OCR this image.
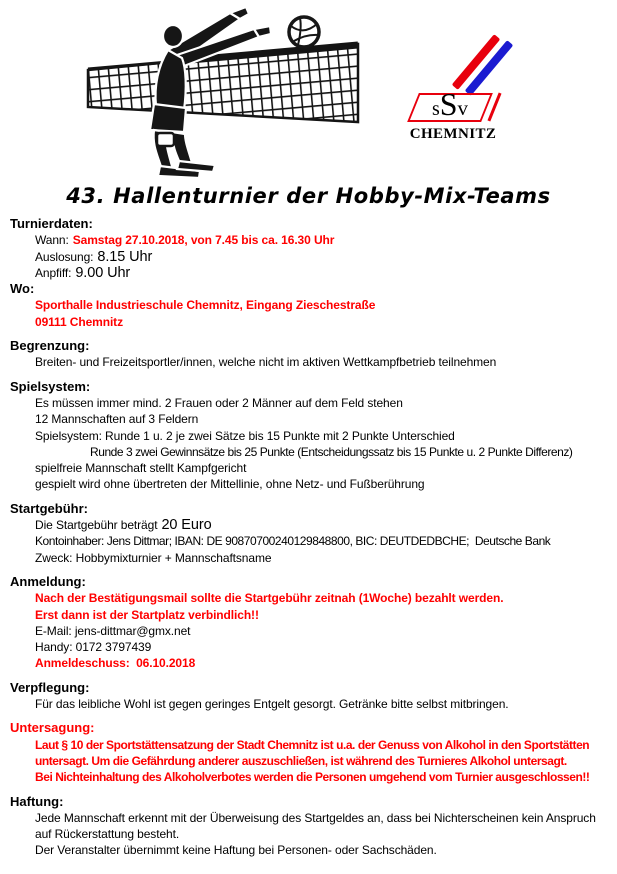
sSv
CHEMNITZ
43. Hallenturnier der Hobby-Mix-Teams
Turnierdaten:
Wann: Samstag 27.10.2018, von 7.45 bis ca. 16.30 Uhr
Auslosung: 8.15 Uhr
Anpfiff: 9.00 Uhr
Wo:
Sporthalle Industrieschule Chemnitz, Eingang Zieschestraße
09111 Chemnitz
Begrenzung:
Breiten- und Freizeitsportler/innen, welche nicht im aktiven Wettkampfbetrieb teilnehmen
Spielsystem:
Es müssen immer mind. 2 Frauen oder 2 Männer auf dem Feld stehen
12 Mannschaften auf 3 Feldern
Spielsystem: Runde 1 u. 2 je zwei Sätze bis 15 Punkte mit 2 Punkte Unterschied
Runde 3 zwei Gewinnsätze bis 25 Punkte (Entscheidungssatz bis 15 Punkte u. 2 Punkte Differenz)
spielfreie Mannschaft stellt Kampfgericht
gespielt wird ohne übertreten der Mittellinie, ohne Netz- und Fußberührung
Startgebühr:
Die Startgebühr beträgt 20 Euro
Kontoinhaber: Jens Dittmar; IBAN: DE 90870700240129848800, BIC: DEUTDEDBCHE;  Deutsche Bank
Zweck: Hobbymixturnier + Mannschaftsname
Anmeldung:
Nach der Bestätigungsmail sollte die Startgebühr zeitnah (1Woche) bezahlt werden.
Erst dann ist der Startplatz verbindlich!!
E-Mail: jens-dittmar@gmx.net
Handy: 0172 3797439
Anmeldeschuss:  06.10.2018
Verpflegung:
Für das leibliche Wohl ist gegen geringes Entgelt gesorgt. Getränke bitte selbst mitbringen.
Untersagung:
Laut § 10 der Sportstättensatzung der Stadt Chemnitz ist u.a. der Genuss von Alkohol in den Sportstätten
untersagt. Um die Gefährdung anderer auszuschließen, ist während des Turnieres Alkohol untersagt.
Bei Nichteinhaltung des Alkoholverbotes werden die Personen umgehend vom Turnier ausgeschlossen!!
Haftung:
Jede Mannschaft erkennt mit der Überweisung des Startgeldes an, dass bei Nichterscheinen kein Anspruch
auf Rückerstattung besteht.
Der Veranstalter übernimmt keine Haftung bei Personen- oder Sachschäden.
